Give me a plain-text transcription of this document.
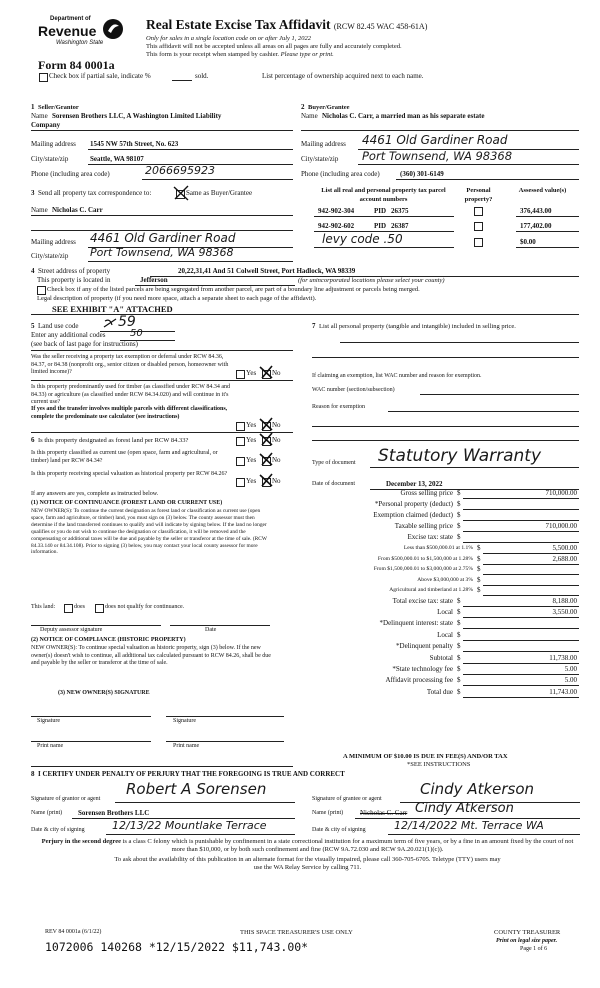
Department of
Revenue
Washington State
Form 84 0001a
Real Estate Excise Tax Affidavit (RCW 82.45 WAC 458-61A)
Only for sales in a single location code on or after July 1, 2022
This affidavit will not be accepted unless all areas on all pages are fully and accurately completed.
This form is your receipt when stamped by cashier. Please type or print.
Check box if partial sale, indicate %	sold.	List percentage of ownership acquired next to each name.
1  Seller/Grantor
Name Sorensen Brothers LLC, A Washington Limited Liability
Company
Mailing address 1545 NW 57th Street, No. 623
City/state/zip	Seattle, WA 98107
Phone (including area code)	2066695923
2  Buyer/Grantee
Name Nicholas C. Carr, a married man as his separate estate
Mailing address 4461 Old Gardiner Road
City/state/zip Port Townsend, WA 98368
Phone (including area code)	(360) 301-6149
3 Send all property tax correspondence to:	Same as Buyer/Grantee
Name Nicholas C. Carr
Mailing address 4461 Old Gardiner Road
City/state/zip Port Townsend, WA 98368
List all real and personal property tax parcel account numbers
Personal property?
Assessed value(s)
942-902-304	PID 26375	376,443.00
942-902-602	PID 26387	177,402.00
levy code .50	$0.00
4 Street address of property	20,22,31,41 And 51 Colwell Street, Port Hadlock, WA 98339
This property is located in	Jefferson	(for unincorporated locations please select your county)
Check box if any of the listed parcels are being segregated from another parcel, are part of a boundary line adjustment or parcels being merged.
Legal description of property (if you need more space, attach a separate sheet to each page of the affidavit).
SEE EXHIBIT "A" ATTACHED
5 Land use code	59
Enter any additional codes 50
(see back of last page for instructions)
Was the seller receiving a property tax exemption or deferral under RCW 84.36, 84.37, or 84.38 (nonprofit org., senior citizen or disabled person, homeowner with limited income)?	Yes No
Is this property predominantly used for timber (as classified under RCW 84.34 and 84.33) or agriculture (as classified under RCW 84.34.020) and will continue in it's current use?
If yes and the transfer involves multiple parcels with different classifications, complete the predominate use calculator (see instructions)
Yes No
6 Is this property designated as forest land per RCW 84.33?	Yes No
Is this property classified as current use (open space, farm and agricultural, or timber) land per RCW 84.34?	Yes No
Is this property receiving special valuation as historical property per RCW 84.26?
Yes No
If any answers are yes, complete as instructed below.
(1) NOTICE OF CONTINUANCE (FOREST LAND OR CURRENT USE)
NEW OWNER(S): To continue the current designation as forest land or classification as current use (open space, farm and agriculture, or timber) land, you must sign on (3) below. The county assessor must then determine if the land transferred continues to qualify and will indicate by signing below. If the land no longer qualifies or you do not wish to continue the designation or classification, it will be removed and the compensating or additional taxes will be due and payable by the seller or transferor at the time of sale. (RCW 84.33.140 or 84.34.108). Prior to signing (3) below, you may contact your local county assessor for more information.
This land:	does	does not qualify for continuance.
Deputy assessor signature	Date
(2) NOTICE OF COMPLIANCE (HISTORIC PROPERTY)
NEW OWNER(S): To continue special valuation as historic property, sign (3) below. If the new owner(s) doesn't wish to continue, all additional tax calculated pursuant to RCW 84.26, shall be due and payable by the seller or transferor at the time of sale.
(3) NEW OWNER(S) SIGNATURE
Signature	Signature
Print name	Print name
7 List all personal property (tangible and intangible) included in selling price.
If claiming an exemption, list WAC number and reason for exemption.
WAC number (section/subsection)
Reason for exemption
Type of document Statutory Warranty
Date of document	December 13, 2022
Gross selling price $	710,000.00
*Personal property (deduct) $
Exemption claimed (deduct) $
Taxable selling price $	710,000.00
Excise tax: state $
Less than $500,000.01 at 1.1% $	5,500.00
From $500,000.01 to $1,500,000 at 1.28% $	2,688.00
From $1,500,000.01 to $3,000,000 at 2.75% $
Above $3,000,000 at 3% $
Agricultural and timberland at 1.28% $
Total excise tax: state $	8,188.00
Local $	3,550.00
*Delinquent interest: state $
Local $
*Delinquent penalty $
Subtotal $	11,738.00
*State technology fee $	5.00
Affidavit processing fee $	5.00
Total due $	11,743.00
A MINIMUM OF $10.00 IS DUE IN FEE(S) AND/OR TAX
*SEE INSTRUCTIONS
8  I CERTIFY UNDER PENALTY OF PERJURY THAT THE FOREGOING IS TRUE AND CORRECT
Signature of grantor or agent
Robert A Sorensen
Signature of grantee or agent
Cindy Atkerson
Name (print) Sorensen Brothers LLC	Name (print) Nicholas C. Carr Cindy Atkerson
Date & city of signing 12/13/22 Mountlake Terrace	Date & city of signing	12/14/2022 Mt. Terrace WA
Perjury in the second degree is a class C felony which is punishable by confinement in a state correctional institution for a maximum term of five years, or by a fine in an amount fixed by the court of not more than $10,000, or by both such confinement and fine (RCW 9A.72.030 and RCW 9A.20.021(1)(c)).
To ask about the availability of this publication in an alternate format for the visually impaired, please call 360-705-6705. Teletype (TTY) users may use the WA Relay Service by calling 711.
REV 84 0001a (6/1/22)	THIS SPACE TREASURER'S USE ONLY	COUNTY TREASURER
Print on legal size paper.
Page 1 of 6
1072006 140268 *12/15/2022 $11,743.00*
